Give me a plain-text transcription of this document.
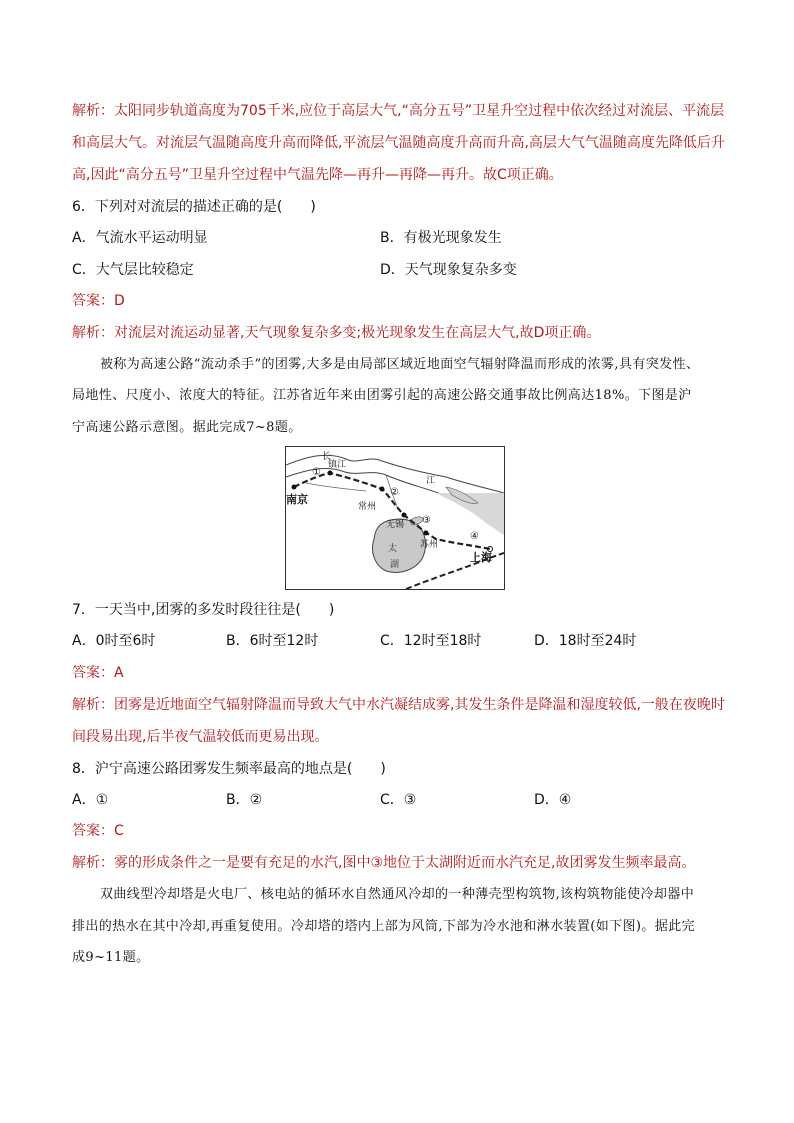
解析：太阳同步轨道高度为705千米,应位于高层大气,“高分五号”卫星升空过程中依次经过对流层、平流层
和高层大气。对流层气温随高度升高而降低,平流层气温随高度升高而升高,高层大气气温随高度先降低后升
高,因此“高分五号”卫星升空过程中气温先降—再升—再降—再升。故C项正确。
6．下列对对流层的描述正确的是(　　)
A．气流水平运动明显	B．有极光现象发生
C．大气层比较稳定	D．天气现象复杂多变
答案：D
解析：对流层对流运动显著,天气现象复杂多变;极光现象发生在高层大气,故D项正确。
被称为高速公路“流动杀手”的团雾,大多是由局部区域近地面空气辐射降温而形成的浓雾,具有突发性、
局地性、尺度小、浓度大的特征。江苏省近年来由团雾引起的高速公路交通事故比例高达18%。下图是沪
宁高速公路示意图。据此完成7~8题。
南京
镇江
常州
无锡
苏州
上海
长
江
太
湖
①
②
③
④
7．一天当中,团雾的多发时段往往是(　　)
A．0时至6时	B．6时至12时	C．12时至18时	D．18时至24时
答案：A
解析：团雾是近地面空气辐射降温而导致大气中水汽凝结成雾,其发生条件是降温和湿度较低,一般在夜晚时
间段易出现,后半夜气温较低而更易出现。
8．沪宁高速公路团雾发生频率最高的地点是(　　)
A．①	B．②	C．③	D．④
答案：C
解析：雾的形成条件之一是要有充足的水汽,图中③地位于太湖附近而水汽充足,故团雾发生频率最高。
双曲线型冷却塔是火电厂、核电站的循环水自然通风冷却的一种薄壳型构筑物,该构筑物能使冷却器中
排出的热水在其中冷却,再重复使用。冷却塔的塔内上部为风筒,下部为冷水池和淋水装置(如下图)。据此完
成9~11题。
